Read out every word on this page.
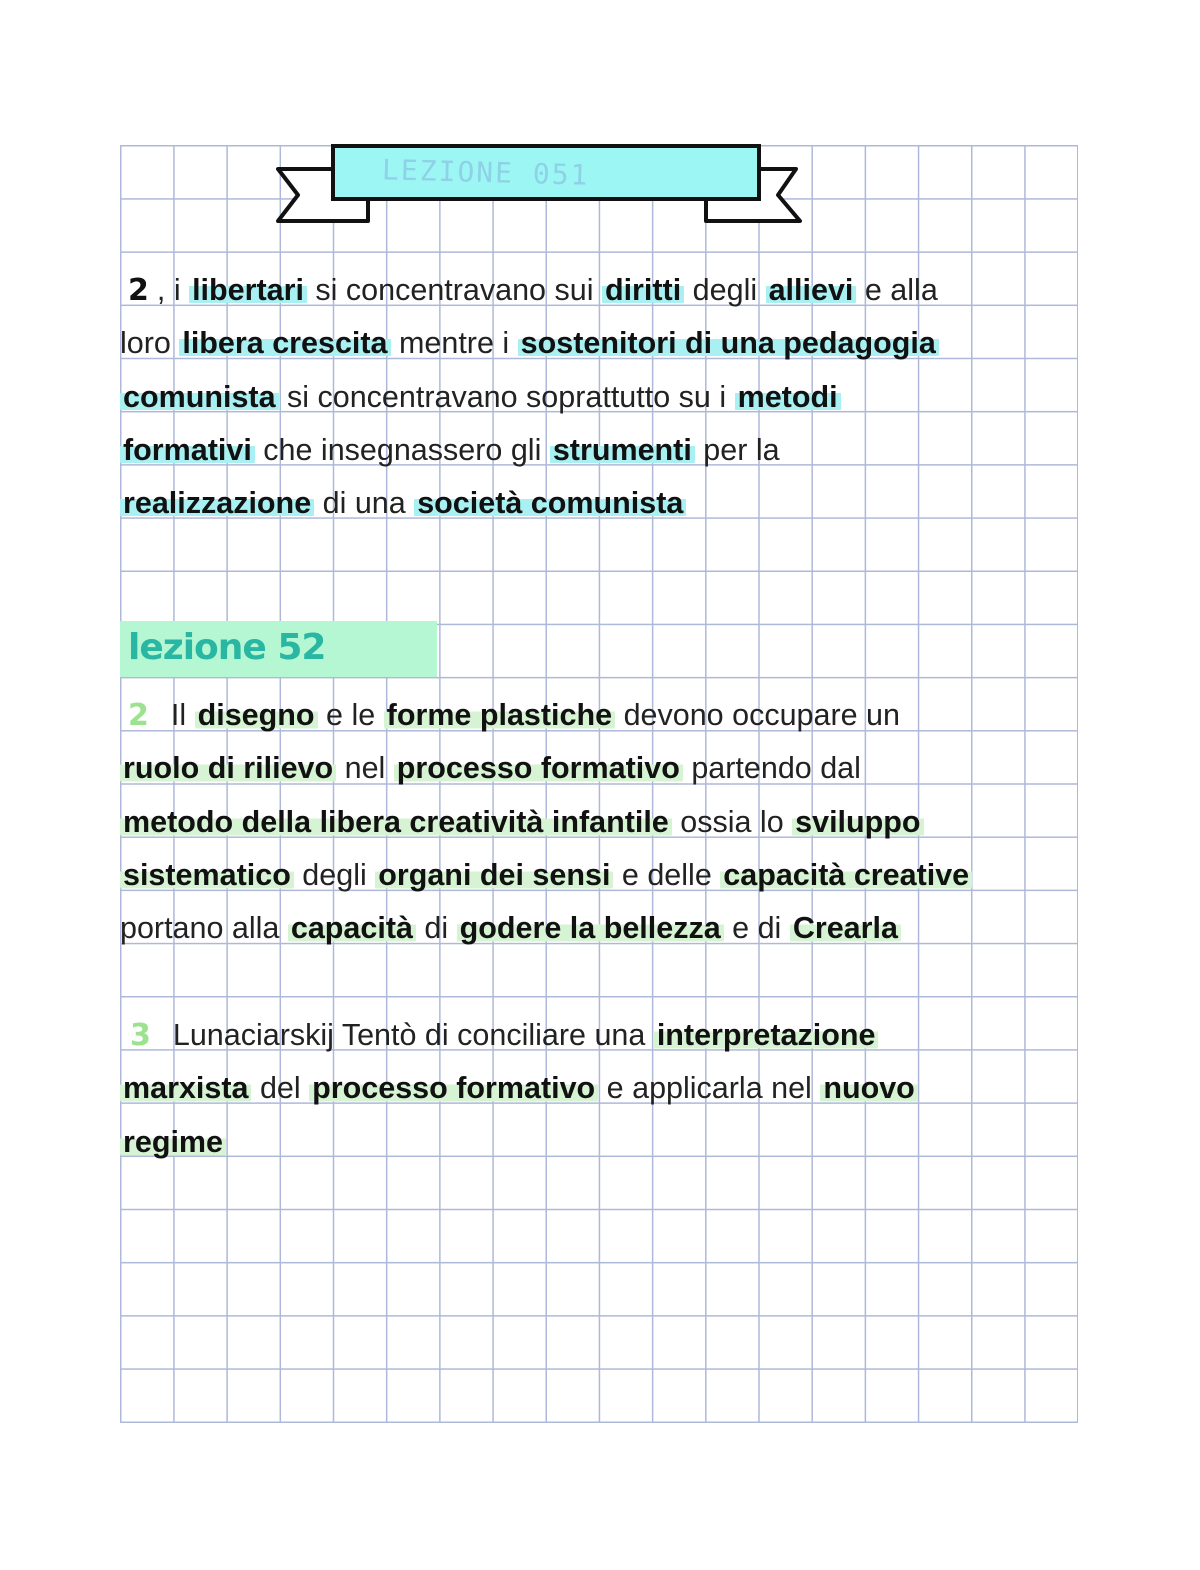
LEZIONE 051
2 , i libertari si concentravano sui diritti degli allievi e alla
loro libera crescita mentre i sostenitori di una pedagogia
comunista si concentravano soprattutto su i metodi
formativi che insegnassero gli strumenti per la
realizzazione di una società comunista
lezione 52
2 Il disegno e le forme plastiche devono occupare un
ruolo di rilievo nel processo formativo partendo dal
metodo della libera creatività infantile ossia lo sviluppo
sistematico degli organi dei sensi e delle capacità creative
portano alla capacità di godere la bellezza e di Crearla
3 Lunaciarskij Tentò di conciliare una interpretazione
marxista del processo formativo e applicarla nel nuovo
regime
